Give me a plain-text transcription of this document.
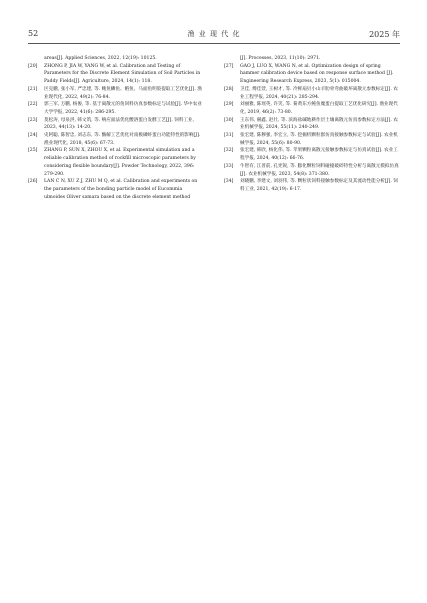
52	渔 业 现 代 化	2025 年
areas[J]. Applied Sciences, 2022, 12(19): 10125.
[20] ZHONG P, JIA W, YANG W, et al. Calibration and Testing of Parameters for the Discrete Element Simulation of Soil Particles in Paddy Fields[J]. Agriculture, 2024, 14(1): 118.
[21] 区克鹏, 张小军, 严忠建, 等. 鲍鱼鳞鱼、鲢鱼、马面鱼明胶提取工艺优化[J]. 渔业现代化, 2022, 49(2): 76-84.
[22] 郭三军, 万鹏, 杨俊, 等. 基于离散元的鱼饲料仿真参数标定与试验[J]. 华中农业大学学报, 2022, 41(6): 286-295.
[23] 莫松涛, 母泉洪, 韩文筑, 等. 响应面法优化酸溶蛋白发酵工艺[J]. 饲料工业, 2023, 44(13): 14-20.
[24] 史阿聪, 陈智忠, 刘志东, 等. 酶解工艺优化对南极磷虾蛋白功能特性的影响[J]. 渔业现代化, 2018, 45(6): 67-73.
[25] ZHANG P, SUN X, ZHOU X, et al. Experimental simulation and a reliable calibration method of rockfill microscopic parameters by considering flexible boundary[J]. Powder Technology, 2022, 396: 279-290.
[26] LAN C N, XU Z J, ZHU M Q, et al. Calibration and experiments on the parameters of the bonding particle model of Eucommia ulmoides Oliver samara based on the discrete element method
[J]. Processes, 2023, 11(10): 2971.
[27] GAO J, LUO X, WANG N, et al. Optimization design of spring hammer calibration device based on response surface method [J]. Engineering Research Express, 2023, 5(1): 015004.
[28] 卫佳, 傅佳萱, 王树才, 等. 冷鲜扇贝小山羊肋骨弯曲破坏离散元参数标定[J]. 农业工程学报, 2024, 40(21): 285-294.
[29] 刘丽雅, 陈瑶英, 许笑, 等. 菊黄东方鲀鱼糜蛋白提取工艺优化研究[J]. 渔业现代化, 2019, 46(2): 73-80.
[30] 王东伟, 赫鑫, 赵壮, 等. 滨海盐碱地耕作层土壤离散元仿真参数标定方法[J]. 农业机械学报, 2024, 55(11): 240-249.
[31] 张宏建, 陈穆强, 李宏立, 等. 挖掘机颗粒群仿真接触参数标定与试验[J]. 农业机械学报, 2024, 55(6): 80-90.
[32] 张宏建, 韩欣, 杨化伟, 等. 苹果颗粒离散元接触参数标定与仿真试验[J]. 农业工程学报, 2024, 40(12): 66-76.
[33] 牛智有, 江普前, 孔宪锐, 等. 膨化颗粒饲料碰撞破碎特性分析与离散元模拟仿真[J]. 农业机械学报, 2023, 54(8): 371-380.
[34] 刘晓鹏, 李建文, 刘羽伟, 等. 颗粒状饲料接触参数标定及其流动性能分析[J]. 饲料工业, 2021, 42(19): 6-17.
